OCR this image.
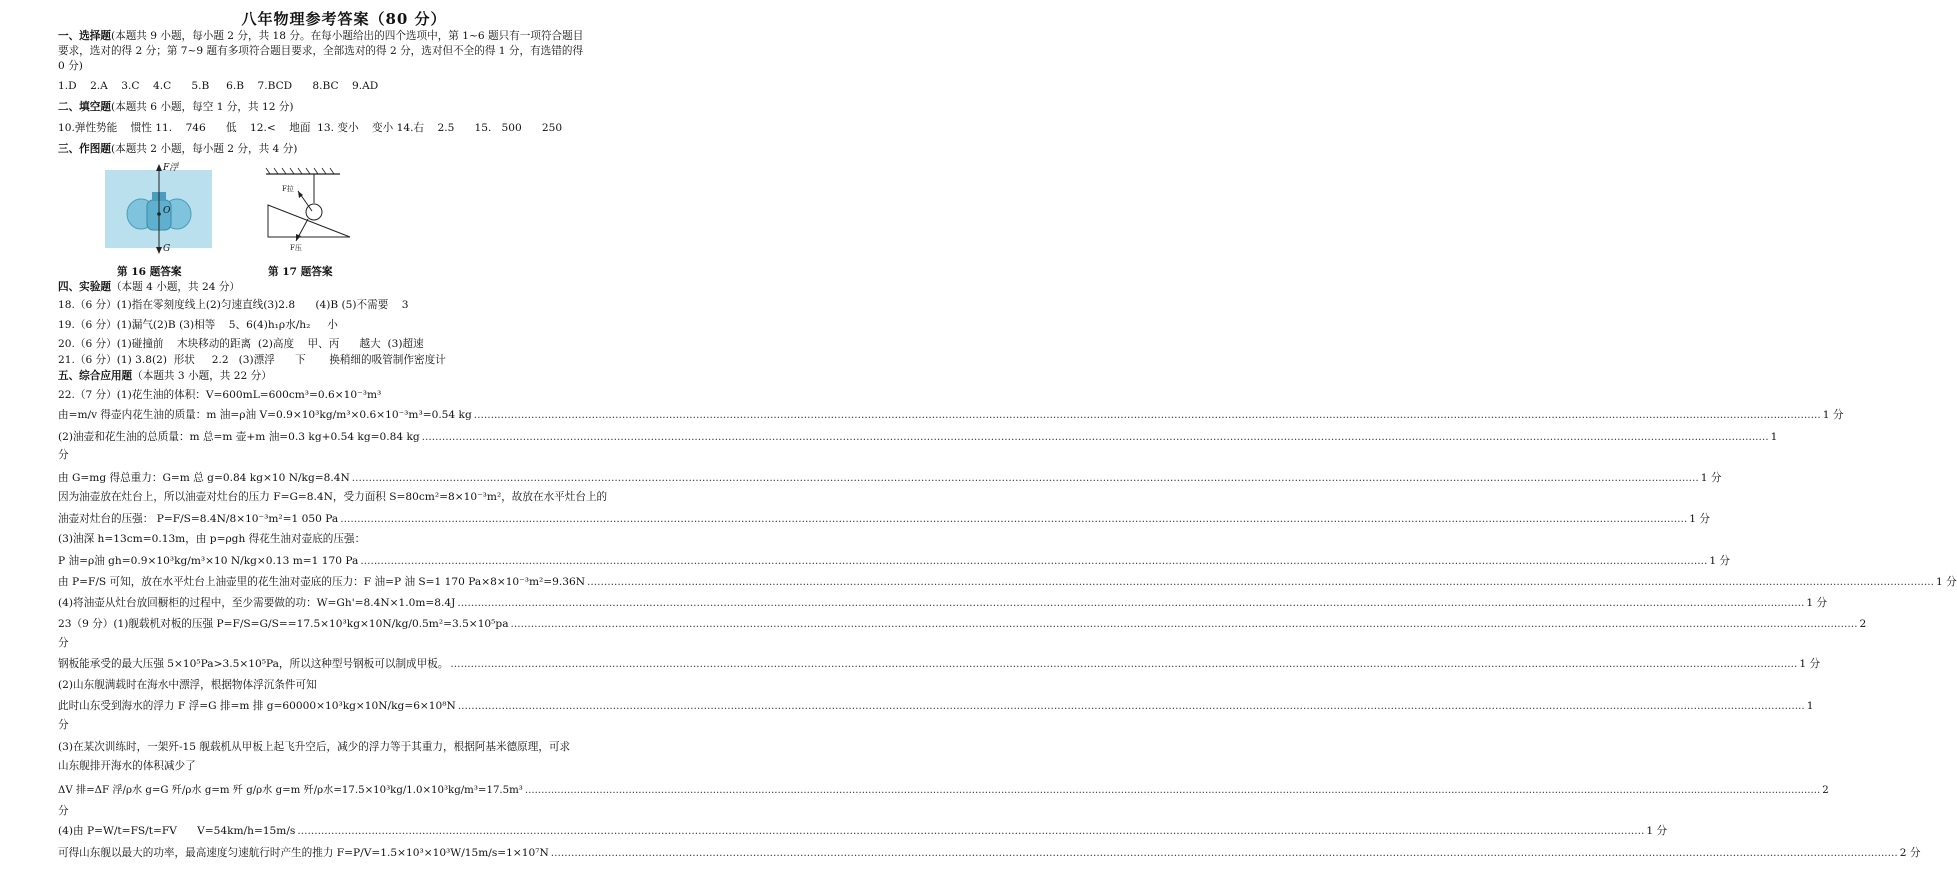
八年物理参考答案（80 分）
一、选择题(本题共 9 小题，每小题 2 分，共 18 分。在每小题给出的四个选项中，第 1~6 题只有一项符合题目
要求，选对的得 2 分；第 7~9 题有多项符合题目要求，全部选对的得 2 分，选对但不全的得 1 分，有选错的得
0 分)
1.D    2.A    3.C    4.C      5.B     6.B    7.BCD      8.BC    9.AD
二、填空题(本题共 6 小题，每空 1 分，共 12 分)
10.弹性势能    惯性 11.    746      低    12.<    地面  13. 变小    变小 14.右    2.5      15.   500      250
三、作图题(本题共 2 小题，每小题 2 分，共 4 分)
F浮
O
G
第 16 题答案
F拉
F压
第 17 题答案
四、实验题（本题 4 小题，共 24 分）
18.（6 分）(1)指在零刻度线上(2)匀速直线(3)2.8      (4)B (5)不需要    3
19.（6 分）(1)漏气(2)B (3)相等    5、6(4)h₁ρ水/h₂     小
20.（6 分）(1)碰撞前    木块移动的距离  (2)高度    甲、丙      越大  (3)超速
21.（6 分）(1) 3.8(2)  形状     2.2   (3)漂浮      下       换稍细的吸管制作密度计
五、综合应用题（本题共 3 小题，共 22 分）
22.（7 分）(1)花生油的体积：V=600mL=600cm³=0.6×10⁻³m³
由=m/v 得壶内花生油的质量：m 油=ρ油 V=0.9×10³kg/m³×0.6×10⁻³m³=0.54 kg ................................................................................................................................................................................................................................................................................................................................................................................................................ 1 分
(2)油壶和花生油的总质量：m 总=m 壶+m 油=0.3 kg+0.54 kg=0.84 kg ................................................................................................................................................................................................................................................................................................................................................................................................................ 1
分
由 G=mg 得总重力：G=m 总 g=0.84 kg×10 N/kg=8.4N ................................................................................................................................................................................................................................................................................................................................................................................................................ 1 分
因为油壶放在灶台上，所以油壶对灶台的压力 F=G=8.4N，受力面积 S=80cm²=8×10⁻³m²，故放在水平灶台上的
油壶对灶台的压强： P=F/S=8.4N/8×10⁻³m²=1 050 Pa ................................................................................................................................................................................................................................................................................................................................................................................................................ 1 分
(3)油深 h=13cm=0.13m，由 p=ρgh 得花生油对壶底的压强：
P 油=ρ油 gh=0.9×10³kg/m³×10 N/kg×0.13 m=1 170 Pa ................................................................................................................................................................................................................................................................................................................................................................................................................ 1 分
由 P=F/S 可知，放在水平灶台上油壶里的花生油对壶底的压力：F 油=P 油 S=1 170 Pa×8×10⁻³m²=9.36N ................................................................................................................................................................................................................................................................................................................................................................................................................ 1 分
(4)将油壶从灶台放回橱柜的过程中，至少需要做的功：W=Gh'=8.4N×1.0m=8.4J ................................................................................................................................................................................................................................................................................................................................................................................................................ 1 分
23（9 分）(1)舰载机对板的压强 P=F/S=G/S==17.5×10³kg×10N/kg/0.5m²=3.5×10⁵pa ................................................................................................................................................................................................................................................................................................................................................................................................................ 2
分
钢板能承受的最大压强 5×10⁵Pa>3.5×10⁵Pa，所以这种型号钢板可以制成甲板。 ................................................................................................................................................................................................................................................................................................................................................................................................................ 1 分
(2)山东舰满载时在海水中漂浮，根据物体浮沉条件可知
此时山东受到海水的浮力 F 浮=G 排=m 排 g=60000×10³kg×10N/kg=6×10⁸N ................................................................................................................................................................................................................................................................................................................................................................................................................ 1
分
(3)在某次训练时，一架歼-15 舰载机从甲板上起飞升空后，减少的浮力等于其重力，根据阿基米德原理，可求
山东舰排开海水的体积减少了
ΔV 排=ΔF 浮/ρ水 g=G 歼/ρ水 g=m 歼 g/ρ水 g=m 歼/ρ水=17.5×10³kg/1.0×10³kg/m³=17.5m³ ................................................................................................................................................................................................................................................................................................................................................................................................................ 2
分
(4)由 P=W/t=FS/t=FV      V=54km/h=15m/s ................................................................................................................................................................................................................................................................................................................................................................................................................ 1 分
可得山东舰以最大的功率，最高速度匀速航行时产生的推力 F=P/V=1.5×10³×10³W/15m/s=1×10⁷N ................................................................................................................................................................................................................................................................................................................................................................................................................ 2 分
